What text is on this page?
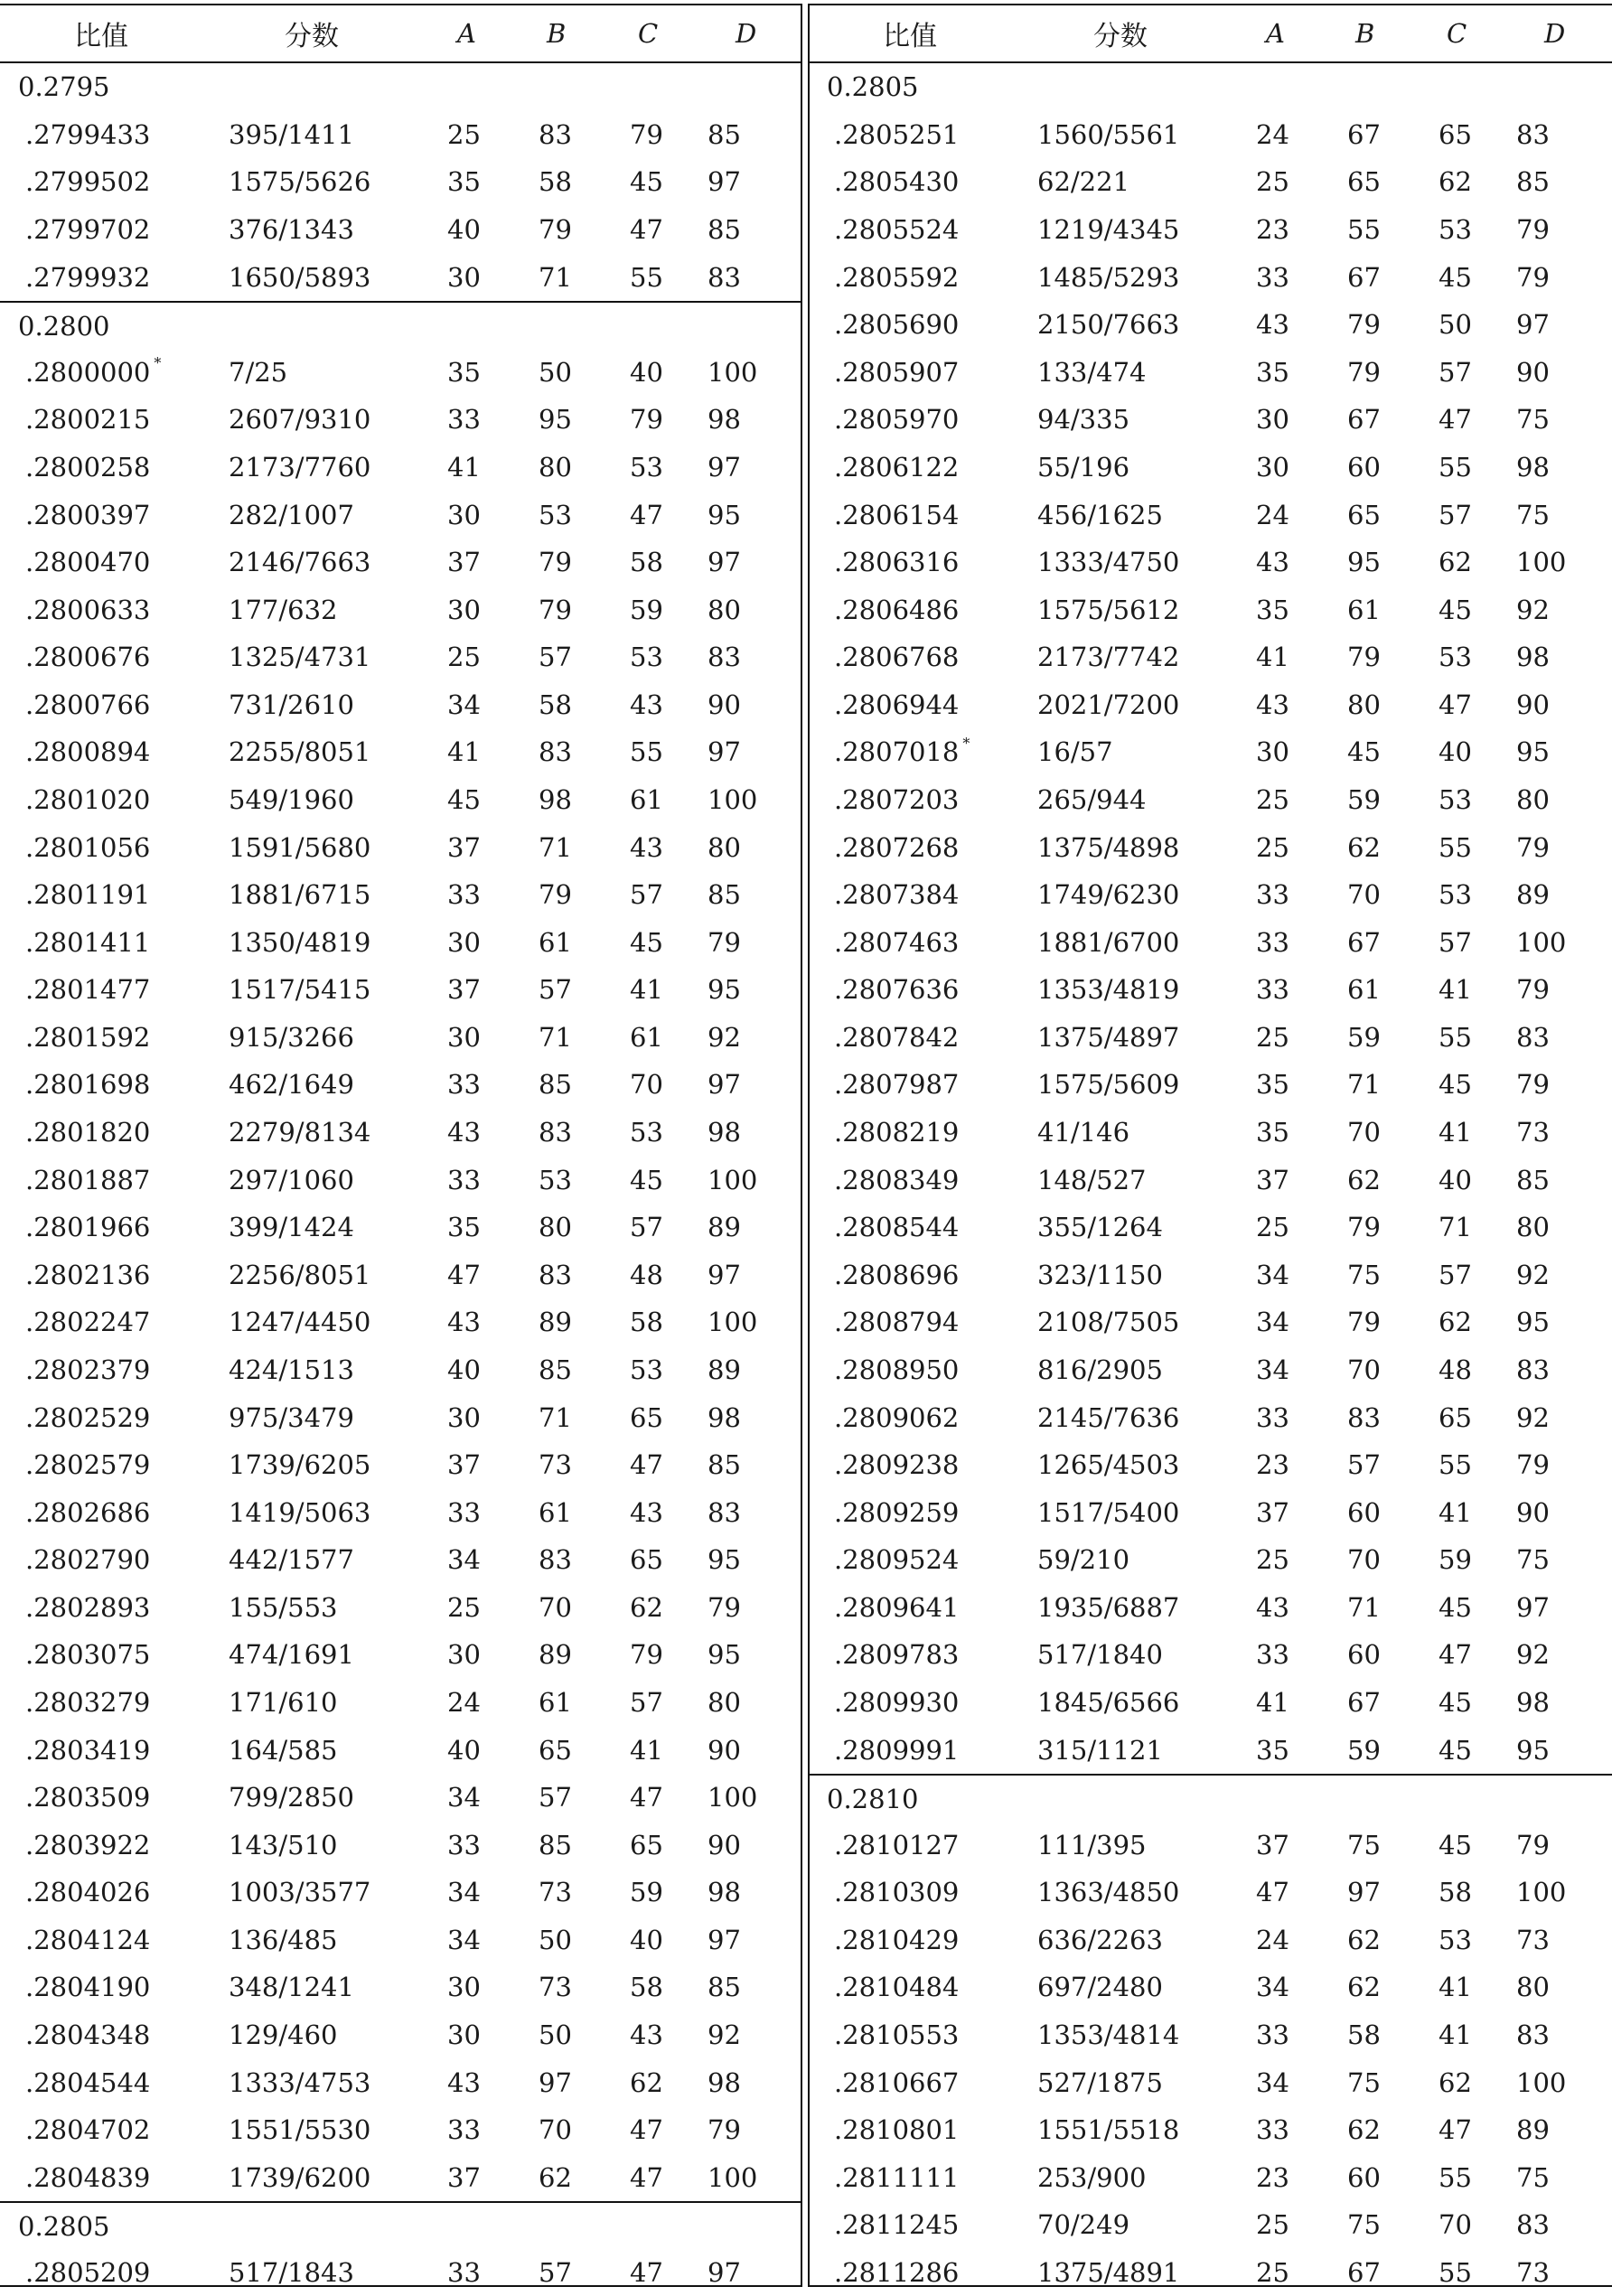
比值	分数	A	B	C	D
0.2795
.2799433	395/1411	25 83 79 85
.2799502	1575/5626	35 58 45 97
.2799702	376/1343	40 79 47 85
.2799932	1650/5893	30 71 55 83
0.2800
.2800000 *	7/25	35 50 40 100
.2800215	2607/9310	33 95 79 98
.2800258	2173/7760	41 80 53 97
.2800397	282/1007	30 53 47 95
.2800470	2146/7663	37 79 58 97
.2800633	177/632	30 79 59 80
.2800676	1325/4731	25 57 53 83
.2800766	731/2610	34 58 43 90
.2800894	2255/8051	41 83 55 97
.2801020	549/1960	45 98 61 100
.2801056	1591/5680	37 71 43 80
.2801191	1881/6715	33 79 57 85
.2801411	1350/4819	30 61 45 79
.2801477	1517/5415	37 57 41 95
.2801592	915/3266	30 71 61 92
.2801698	462/1649	33 85 70 97
.2801820	2279/8134	43 83 53 98
.2801887	297/1060	33 53 45 100
.2801966	399/1424	35 80 57 89
.2802136	2256/8051	47 83 48 97
.2802247	1247/4450	43 89 58 100
.2802379	424/1513	40 85 53 89
.2802529	975/3479	30 71 65 98
.2802579	1739/6205	37 73 47 85
.2802686	1419/5063	33 61 43 83
.2802790	442/1577	34 83 65 95
.2802893	155/553	25 70 62 79
.2803075	474/1691	30 89 79 95
.2803279	171/610	24 61 57 80
.2803419	164/585	40 65 41 90
.2803509	799/2850	34 57 47 100
.2803922	143/510	33 85 65 90
.2804026	1003/3577	34 73 59 98
.2804124	136/485	34 50 40 97
.2804190	348/1241	30 73 58 85
.2804348	129/460	30 50 43 92
.2804544	1333/4753	43 97 62 98
.2804702	1551/5530	33 70 47 79
.2804839	1739/6200	37 62 47 100
0.2805
.2805209	517/1843	33 57 47 97
比值	分数	A	B	C	D
0.2805
.2805251	1560/5561	24 67 65 83
.2805430	62/221	25 65 62 85
.2805524	1219/4345	23 55 53 79
.2805592	1485/5293	33 67 45 79
.2805690	2150/7663	43 79 50 97
.2805907	133/474	35 79 57 90
.2805970	94/335	30 67 47 75
.2806122	55/196	30 60 55 98
.2806154	456/1625	24 65 57 75
.2806316	1333/4750	43 95 62 100
.2806486	1575/5612	35 61 45 92
.2806768	2173/7742	41 79 53 98
.2806944	2021/7200	43 80 47 90
.2807018 *	16/57	30 45 40 95
.2807203	265/944	25 59 53 80
.2807268	1375/4898	25 62 55 79
.2807384	1749/6230	33 70 53 89
.2807463	1881/6700	33 67 57 100
.2807636	1353/4819	33 61 41 79
.2807842	1375/4897	25 59 55 83
.2807987	1575/5609	35 71 45 79
.2808219	41/146	35 70 41 73
.2808349	148/527	37 62 40 85
.2808544	355/1264	25 79 71 80
.2808696	323/1150	34 75 57 92
.2808794	2108/7505	34 79 62 95
.2808950	816/2905	34 70 48 83
.2809062	2145/7636	33 83 65 92
.2809238	1265/4503	23 57 55 79
.2809259	1517/5400	37 60 41 90
.2809524	59/210	25 70 59 75
.2809641	1935/6887	43 71 45 97
.2809783	517/1840	33 60 47 92
.2809930	1845/6566	41 67 45 98
.2809991	315/1121	35 59 45 95
0.2810
.2810127	111/395	37 75 45 79
.2810309	1363/4850	47 97 58 100
.2810429	636/2263	24 62 53 73
.2810484	697/2480	34 62 41 80
.2810553	1353/4814	33 58 41 83
.2810667	527/1875	34 75 62 100
.2810801	1551/5518	33 62 47 89
.2811111	253/900	23 60 55 75
.2811245	70/249	25 75 70 83
.2811286	1375/4891	25 67 55 73
